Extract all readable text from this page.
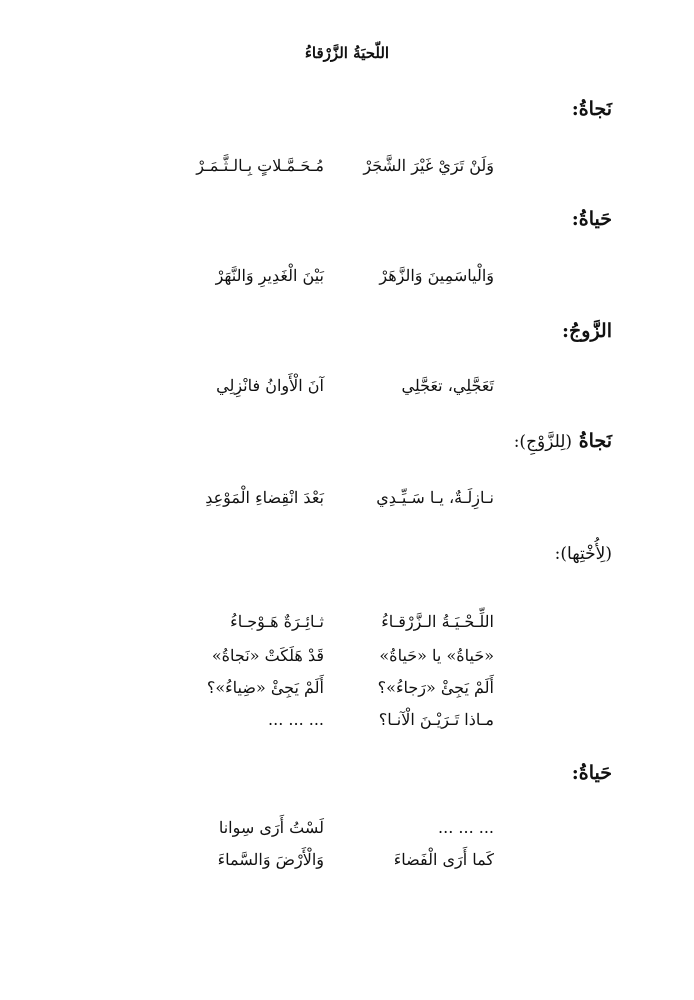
اللّحيَةُ الزَّرْقاءُ
نَجاةُ:
وَلَنْ تَرَيْ غَيْرَ الشَّجَرْ
مُـحَـمَّـلاتٍ بِـالـثَّـمَـرْ
حَياةُ:
وَالْياسَمِينَ وَالزَّهَرْ
بَيْنَ الْغَدِيرِ وَالنَّهَرْ
الزَّوجُ:
تَعَجَّلِي، تعَجَّلِي
آنَ الْأَوانُ فانْزِلِي
نَجاةُ (لِلزَّوْجِ):
نـازِلَـةٌ، يـا سَـيِّـدِي
بَعْدَ انْقِضاءِ الْمَوْعِدِ
(لِأُخْتِها):
اللِّـحْـيَـةُ الـزَّرْقـاءُ
ثـائِـرَةٌ هَـوْجـاءُ
«حَياةُ» يا «حَياةُ»
قَدْ هَلَكَتْ «نَجاةُ»
أَلَمْ يَجِئْ «رَجاءُ»؟
أَلَمْ يَجِئْ «ضِياءُ»؟
مـاذا تَـرَيْـنَ الْآنـا؟
... ... ...
حَياةُ:
... ... ...
لَسْتُ أَرَى سِوانا
كَما أَرَى الْفَضاءَ
وَالْأَرْضَ وَالسَّماءَ
